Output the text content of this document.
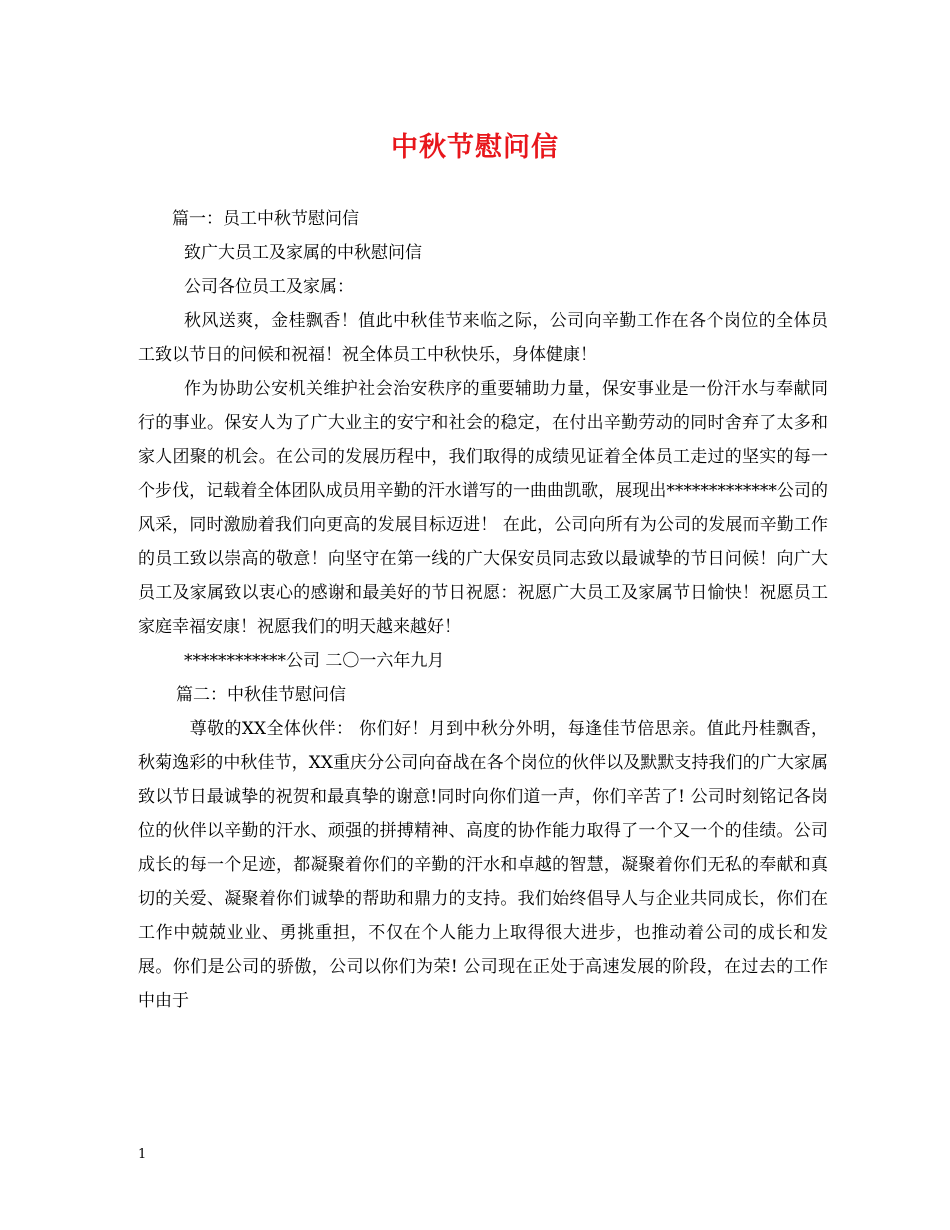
中秋节慰问信

篇一：员工中秋节慰问信

致广大员工及家属的中秋慰问信

公司各位员工及家属：

秋风送爽，金桂飘香！值此中秋佳节来临之际，公司向辛勤工作在各个岗位的全体员工致以节日的问候和祝福！祝全体员工中秋快乐，身体健康！

作为协助公安机关维护社会治安秩序的重要辅助力量，保安事业是一份汗水与奉献同行的事业。保安人为了广大业主的安宁和社会的稳定，在付出辛勤劳动的同时舍弃了太多和家人团聚的机会。在公司的发展历程中，我们取得的成绩见证着全体员工走过的坚实的每一个步伐，记载着全体团队成员用辛勤的汗水谱写的一曲曲凯歌，展现出*************公司的风采，同时激励着我们向更高的发展目标迈进！ 在此，公司向所有为公司的发展而辛勤工作的员工致以崇高的敬意！向坚守在第一线的广大保安员同志致以最诚挚的节日问候！向广大员工及家属致以衷心的感谢和最美好的节日祝愿：祝愿广大员工及家属节日愉快！祝愿员工家庭幸福安康！祝愿我们的明天越来越好！

************公司 二〇一六年九月

篇二：中秋佳节慰问信

尊敬的XX全体伙伴： 你们好！月到中秋分外明，每逢佳节倍思亲。值此丹桂飘香，秋菊逸彩的中秋佳节，XX重庆分公司向奋战在各个岗位的伙伴以及默默支持我们的广大家属致以节日最诚挚的祝贺和最真挚的谢意!同时向你们道一声，你们辛苦了! 公司时刻铭记各岗位的伙伴以辛勤的汗水、顽强的拼搏精神、高度的协作能力取得了一个又一个的佳绩。公司成长的每一个足迹，都凝聚着你们的辛勤的汗水和卓越的智慧，凝聚着你们无私的奉献和真切的关爱、凝聚着你们诚挚的帮助和鼎力的支持。我们始终倡导人与企业共同成长，你们在工作中兢兢业业、勇挑重担，不仅在个人能力上取得很大进步，也推动着公司的成长和发展。你们是公司的骄傲，公司以你们为荣! 公司现在正处于高速发展的阶段，在过去的工作中由于

1
